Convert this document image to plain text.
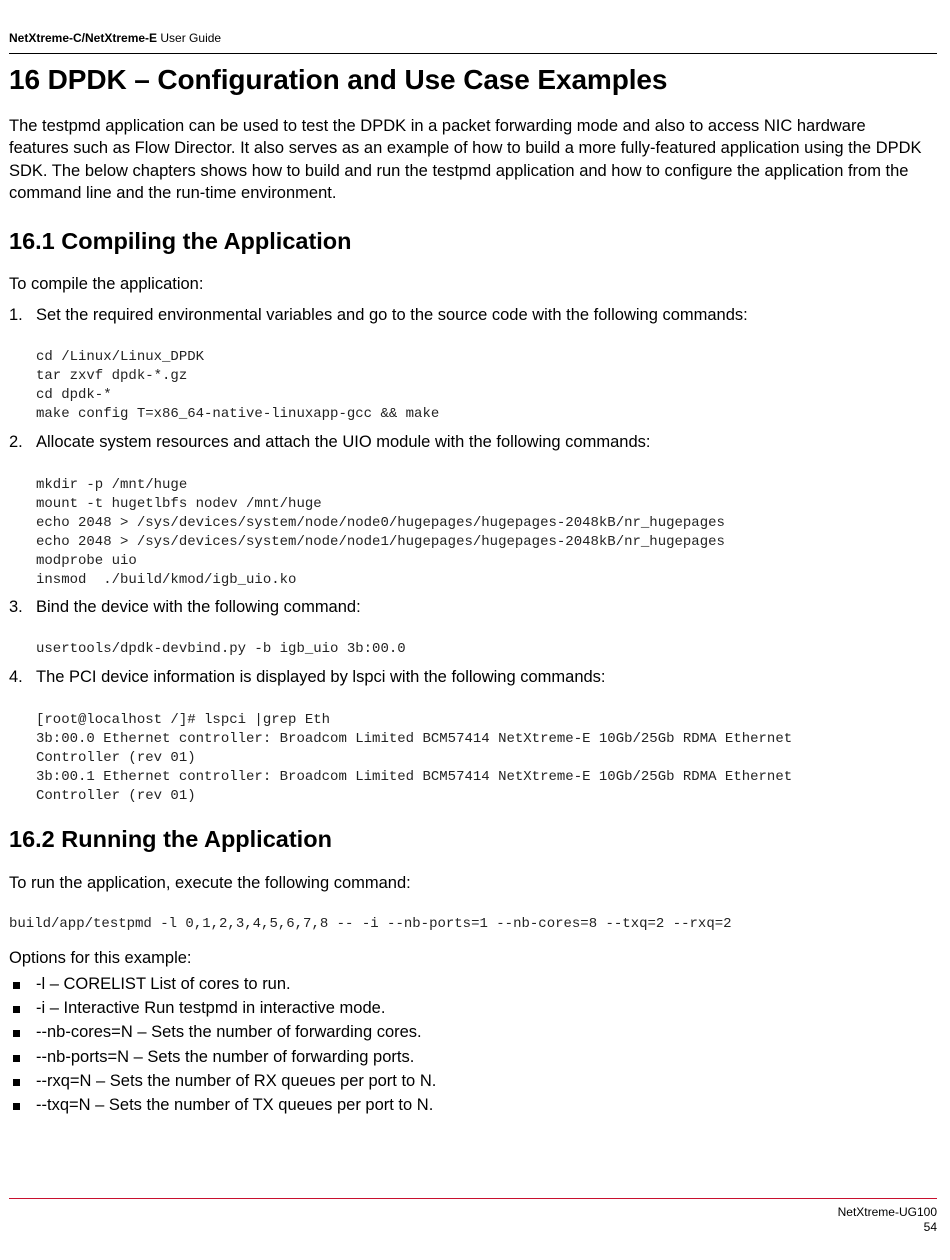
NetXtreme-C/NetXtreme-E User Guide
16 DPDK – Configuration and Use Case Examples
The testpmd application can be used to test the DPDK in a packet forwarding mode and also to access NIC hardware
features such as Flow Director. It also serves as an example of how to build a more fully-featured application using the DPDK
SDK. The below chapters shows how to build and run the testpmd application and how to configure the application from the
command line and the run-time environment.
16.1 Compiling the Application
To compile the application:
1. Set the required environmental variables and go to the source code with the following commands:
cd /Linux/Linux_DPDK
tar zxvf dpdk-*.gz
cd dpdk-*
make config T=x86_64-native-linuxapp-gcc && make
2. Allocate system resources and attach the UIO module with the following commands:
mkdir -p /mnt/huge
mount -t hugetlbfs nodev /mnt/huge
echo 2048 > /sys/devices/system/node/node0/hugepages/hugepages-2048kB/nr_hugepages
echo 2048 > /sys/devices/system/node/node1/hugepages/hugepages-2048kB/nr_hugepages
modprobe uio
insmod  ./build/kmod/igb_uio.ko
3. Bind the device with the following command:
usertools/dpdk-devbind.py -b igb_uio 3b:00.0
4. The PCI device information is displayed by lspci with the following commands:
[root@localhost /]# lspci |grep Eth
3b:00.0 Ethernet controller: Broadcom Limited BCM57414 NetXtreme-E 10Gb/25Gb RDMA Ethernet
Controller (rev 01)
3b:00.1 Ethernet controller: Broadcom Limited BCM57414 NetXtreme-E 10Gb/25Gb RDMA Ethernet
Controller (rev 01)
16.2 Running the Application
To run the application, execute the following command:
build/app/testpmd -l 0,1,2,3,4,5,6,7,8 -- -i --nb-ports=1 --nb-cores=8 --txq=2 --rxq=2
Options for this example:
-l – CORELIST List of cores to run.
-i – Interactive Run testpmd in interactive mode.
--nb-cores=N – Sets the number of forwarding cores.
--nb-ports=N – Sets the number of forwarding ports.
--rxq=N – Sets the number of RX queues per port to N.
--txq=N – Sets the number of TX queues per port to N.
NetXtreme-UG100
54
